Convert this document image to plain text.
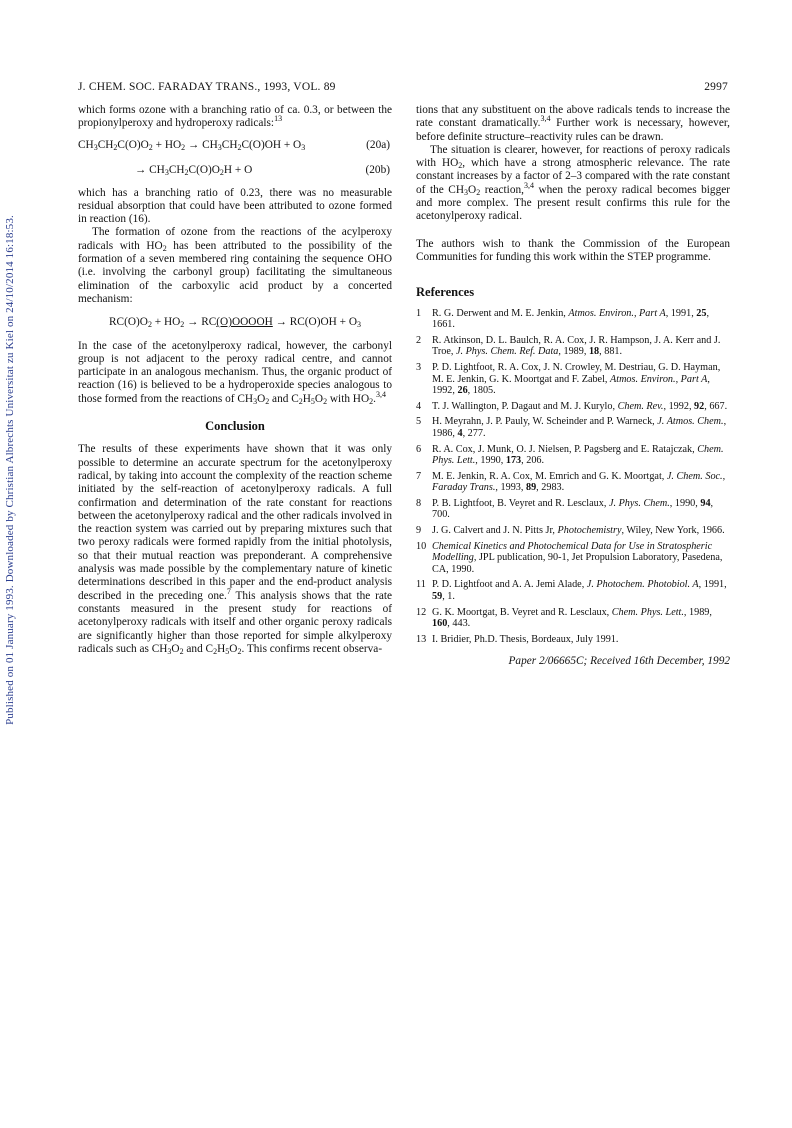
Published on 01 January 1993. Downloaded by Christian Albrechts Universitat zu Kiel on 24/10/2014 16:18:53.
J. CHEM. SOC. FARADAY TRANS., 1993, VOL. 89	2997

which forms ozone with a branching ratio of ca. 0.3, or between the propionylperoxy and hydroperoxy radicals:$^{13}$

$CH_3CH_2C(O)O_2 + HO_2 \to CH_3CH_2C(O)OH + O_3$	(20a)
→ $CH_3CH_2C(O)O_2H + O$	(20b)

which has a branching ratio of 0.23, there was no measurable residual absorption that could have been attributed to ozone formed in reaction (16).

The formation of ozone from the reactions of the acylperoxy radicals with $HO_2$ has been attributed to the possibility of the formation of a seven membered ring containing the sequence OHO (i.e. involving the carbonyl group) facilitating the simultaneous elimination of the carboxylic acid product by a concerted mechanism:

$RC(O)O_2 + HO_2$ → RC(O)OOOOH → $RC(O)OH + O_3$

In the case of the acetonylperoxy radical, however, the carbonyl group is not adjacent to the peroxy radical centre, and cannot participate in an analogous mechanism. Thus, the organic product of reaction (16) is believed to be a hydroperoxide species analogous to those formed from the reactions of $CH_3O_2$ and $C_2H_5O_2$ with $HO_2.^{3,4}$

Conclusion

The results of these experiments have shown that it was only possible to determine an accurate spectrum for the acetonylperoxy radical, by taking into account the complexity of the reaction scheme initiated by the self-reaction of acetonylperoxy radicals. A full confirmation and determination of the rate constant for reactions between the acetonylperoxy radical and the other radicals involved in the reaction system was carried out by preparing mixtures such that two peroxy radicals were formed rapidly from the initial photolysis, so that their mutual reaction was preponderant. A comprehensive analysis was made possible by the complementary nature of kinetic determinations described in this paper and the end-product analysis described in the preceding one.$^7$ This analysis shows that the rate constants measured in the present study for reactions of acetonylperoxy radicals with itself and other organic peroxy radicals are significantly higher than those reported for simple alkylperoxy radicals such as $CH_3O_2$ and $C_2H_5O_2$. This confirms recent observa-

tions that any substituent on the above radicals tends to increase the rate constant dramatically.$^{3,4}$ Further work is necessary, however, before definite structure–reactivity rules can be drawn.

The situation is clearer, however, for reactions of peroxy radicals with $HO_2$, which have a strong atmospheric relevance. The rate constant increases by a factor of 2–3 compared with the rate constant of the $CH_3O_2$ reaction,$^{3,4}$ when the peroxy radical becomes bigger and more complex. The present result confirms this rule for the acetonylperoxy radical.

The authors wish to thank the Commission of the European Communities for funding this work within the STEP programme.

References
1	R. G. Derwent and M. E. Jenkin, Atmos. Environ., Part A, 1991, 25, 1661.
2	R. Atkinson, D. L. Baulch, R. A. Cox, J. R. Hampson, J. A. Kerr and J. Troe, J. Phys. Chem. Ref. Data, 1989, 18, 881.
3	P. D. Lightfoot, R. A. Cox, J. N. Crowley, M. Destriau, G. D. Hayman, M. E. Jenkin, G. K. Moortgat and F. Zabel, Atmos. Environ., Part A, 1992, 26, 1805.
4	T. J. Wallington, P. Dagaut and M. J. Kurylo, Chem. Rev., 1992, 92, 667.
5	H. Meyrahn, J. P. Pauly, W. Scheinder and P. Warneck, J. Atmos. Chem., 1986, 4, 277.
6	R. A. Cox, J. Munk, O. J. Nielsen, P. Pagsberg and E. Ratajczak, Chem. Phys. Lett., 1990, 173, 206.
7	M. E. Jenkin, R. A. Cox, M. Emrich and G. K. Moortgat, J. Chem. Soc., Faraday Trans., 1993, 89, 2983.
8	P. B. Lightfoot, B. Veyret and R. Lesclaux, J. Phys. Chem., 1990, 94, 700.
9	J. G. Calvert and J. N. Pitts Jr, Photochemistry, Wiley, New York, 1966.
10 Chemical Kinetics and Photochemical Data for Use in Stratospheric Modelling, JPL publication, 90-1, Jet Propulsion Laboratory, Pasedena, CA, 1990.
11 P. D. Lightfoot and A. A. Jemi Alade, J. Photochem. Photobiol. A, 1991, 59, 1.
12 G. K. Moortgat, B. Veyret and R. Lesclaux, Chem. Phys. Lett., 1989, 160, 443.
13 I. Bridier, Ph.D. Thesis, Bordeaux, July 1991.

Paper 2/06665C; Received 16th December, 1992
